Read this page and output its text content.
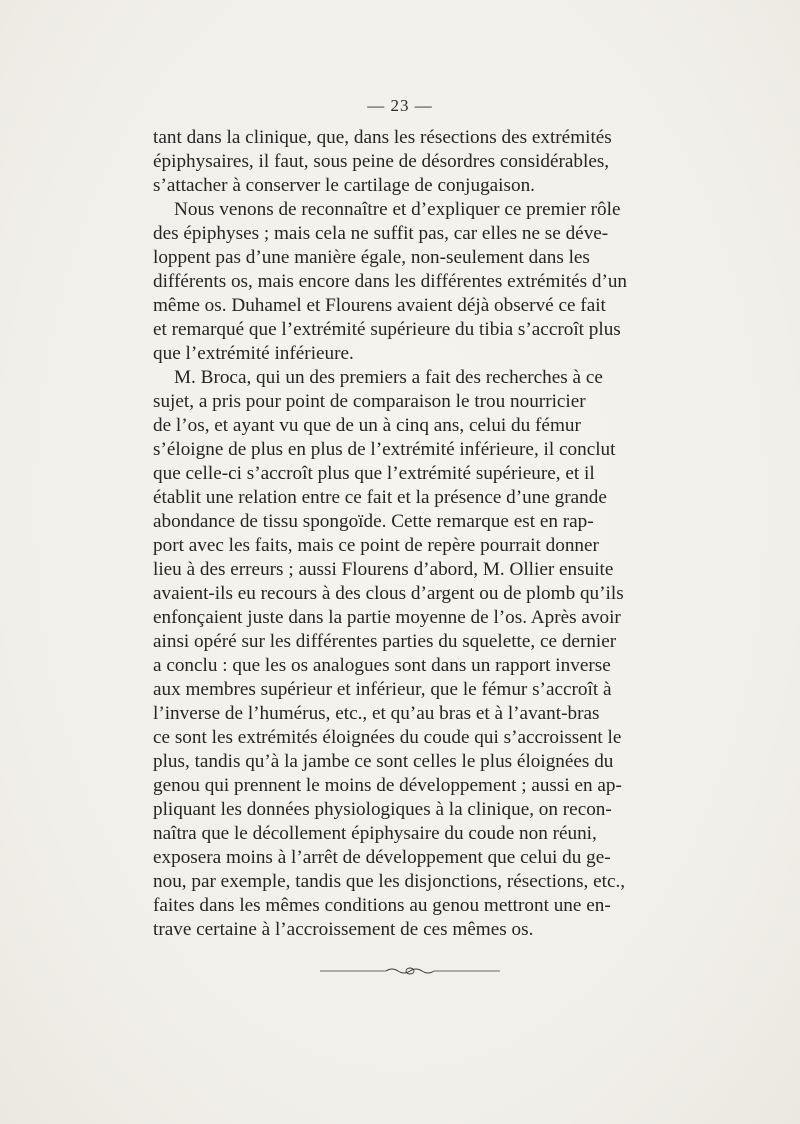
— 23 —
tant dans la clinique, que, dans les résections des extrémités
épiphysaires, il faut, sous peine de désordres considérables,
s’attacher à conserver le cartilage de conjugaison.
Nous venons de reconnaître et d’expliquer ce premier rôle
des épiphyses ; mais cela ne suffit pas, car elles ne se déve-
loppent pas d’une manière égale, non-seulement dans les
différents os, mais encore dans les différentes extrémités d’un
même os. Duhamel et Flourens avaient déjà observé ce fait
et remarqué que l’extrémité supérieure du tibia s’accroît plus
que l’extrémité inférieure.
M. Broca, qui un des premiers a fait des recherches à ce
sujet, a pris pour point de comparaison le trou nourricier
de l’os, et ayant vu que de un à cinq ans, celui du fémur
s’éloigne de plus en plus de l’extrémité inférieure, il conclut
que celle-ci s’accroît plus que l’extrémité supérieure, et il
établit une relation entre ce fait et la présence d’une grande
abondance de tissu spongoïde. Cette remarque est en rap-
port avec les faits, mais ce point de repère pourrait donner
lieu à des erreurs ; aussi Flourens d’abord, M. Ollier ensuite
avaient-ils eu recours à des clous d’argent ou de plomb qu’ils
enfonçaient juste dans la partie moyenne de l’os. Après avoir
ainsi opéré sur les différentes parties du squelette, ce dernier
a conclu : que les os analogues sont dans un rapport inverse
aux membres supérieur et inférieur, que le fémur s’accroît à
l’inverse de l’humérus, etc., et qu’au bras et à l’avant-bras
ce sont les extrémités éloignées du coude qui s’accroissent le
plus, tandis qu’à la jambe ce sont celles le plus éloignées du
genou qui prennent le moins de développement ; aussi en ap-
pliquant les données physiologiques à la clinique, on recon-
naîtra que le décollement épiphysaire du coude non réuni,
exposera moins à l’arrêt de développement que celui du ge-
nou, par exemple, tandis que les disjonctions, résections, etc.,
faites dans les mêmes conditions au genou mettront une en-
trave certaine à l’accroissement de ces mêmes os.
